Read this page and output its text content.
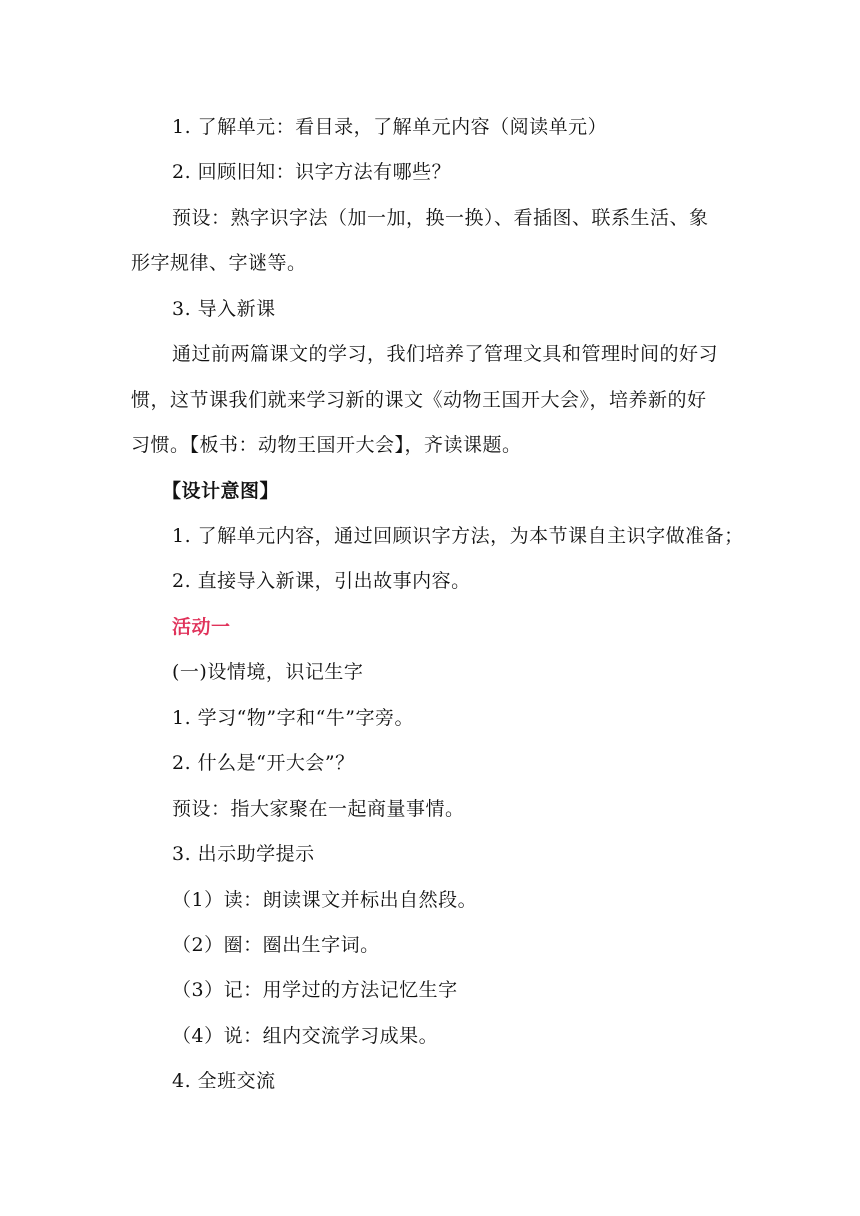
1. 了解单元：看目录，了解单元内容（阅读单元）
2. 回顾旧知：识字方法有哪些？
预设：熟字识字法（加一加，换一换）、看插图、联系生活、象
形字规律、字谜等。
3. 导入新课
通过前两篇课文的学习，我们培养了管理文具和管理时间的好习
惯，这节课我们就来学习新的课文《动物王国开大会》，培养新的好
习惯。【板书：动物王国开大会】，齐读课题。
【设计意图】
1. 了解单元内容，通过回顾识字方法，为本节课自主识字做准备；
2. 直接导入新课，引出故事内容。
活动一
(一)设情境，识记生字
1. 学习“物”字和“牛”字旁。
2. 什么是“开大会”？
预设：指大家聚在一起商量事情。
3. 出示助学提示
（1）读：朗读课文并标出自然段。
（2）圈：圈出生字词。
（3）记：用学过的方法记忆生字
（4）说：组内交流学习成果。
4. 全班交流
